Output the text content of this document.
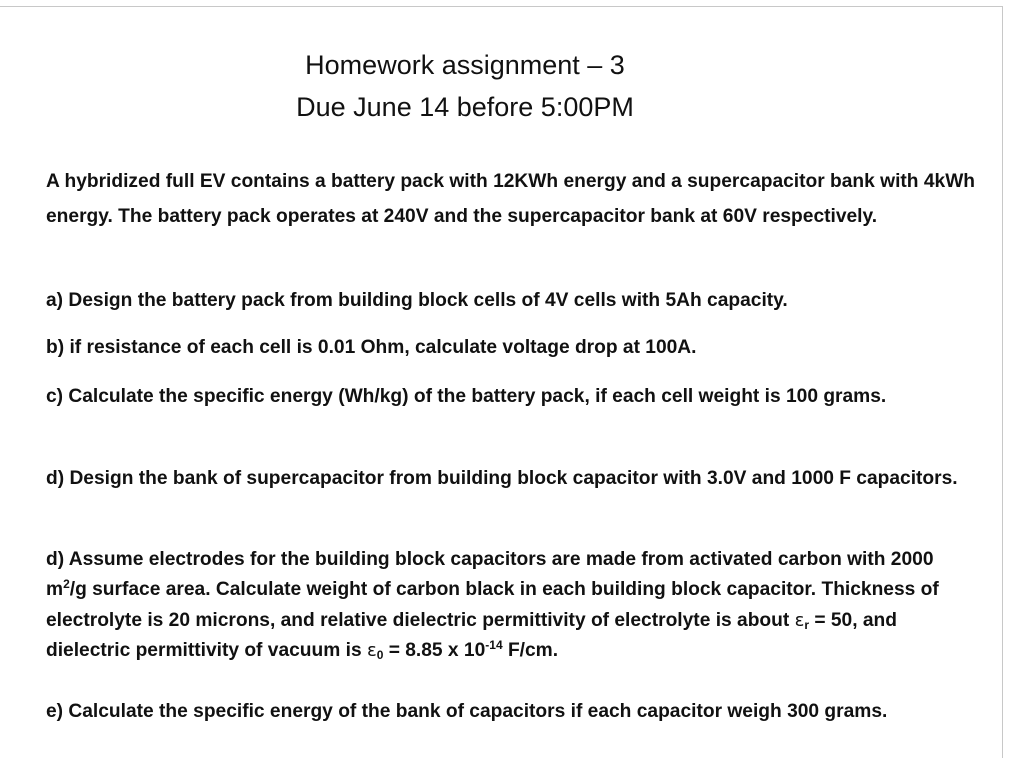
Homework assignment – 3
Due June 14 before 5:00PM

A hybridized full EV contains a battery pack with 12KWh energy and a supercapacitor bank with 4kWh energy. The battery pack operates at 240V and the supercapacitor bank at 60V respectively.

a) Design the battery pack from building block cells of 4V cells with 5Ah capacity.

b) if resistance of each cell is 0.01 Ohm, calculate voltage drop at 100A.

c) Calculate the specific energy (Wh/kg) of the battery pack, if each cell weight is 100 grams.

d) Design the bank of supercapacitor from building block capacitor with 3.0V and 1000 F capacitors.

d) Assume electrodes for the building block capacitors are made from activated carbon with 2000 $m^2/g$ surface area. Calculate weight of carbon black in each building block capacitor. Thickness of electrolyte is 20 microns, and relative dielectric permittivity of electrolyte is about $\varepsilon_r = 50$, and dielectric permittivity of vacuum is $\varepsilon_0 = 8.85$ x $10^{-14}$ F/cm.

e) Calculate the specific energy of the bank of capacitors if each capacitor weigh 300 grams.
